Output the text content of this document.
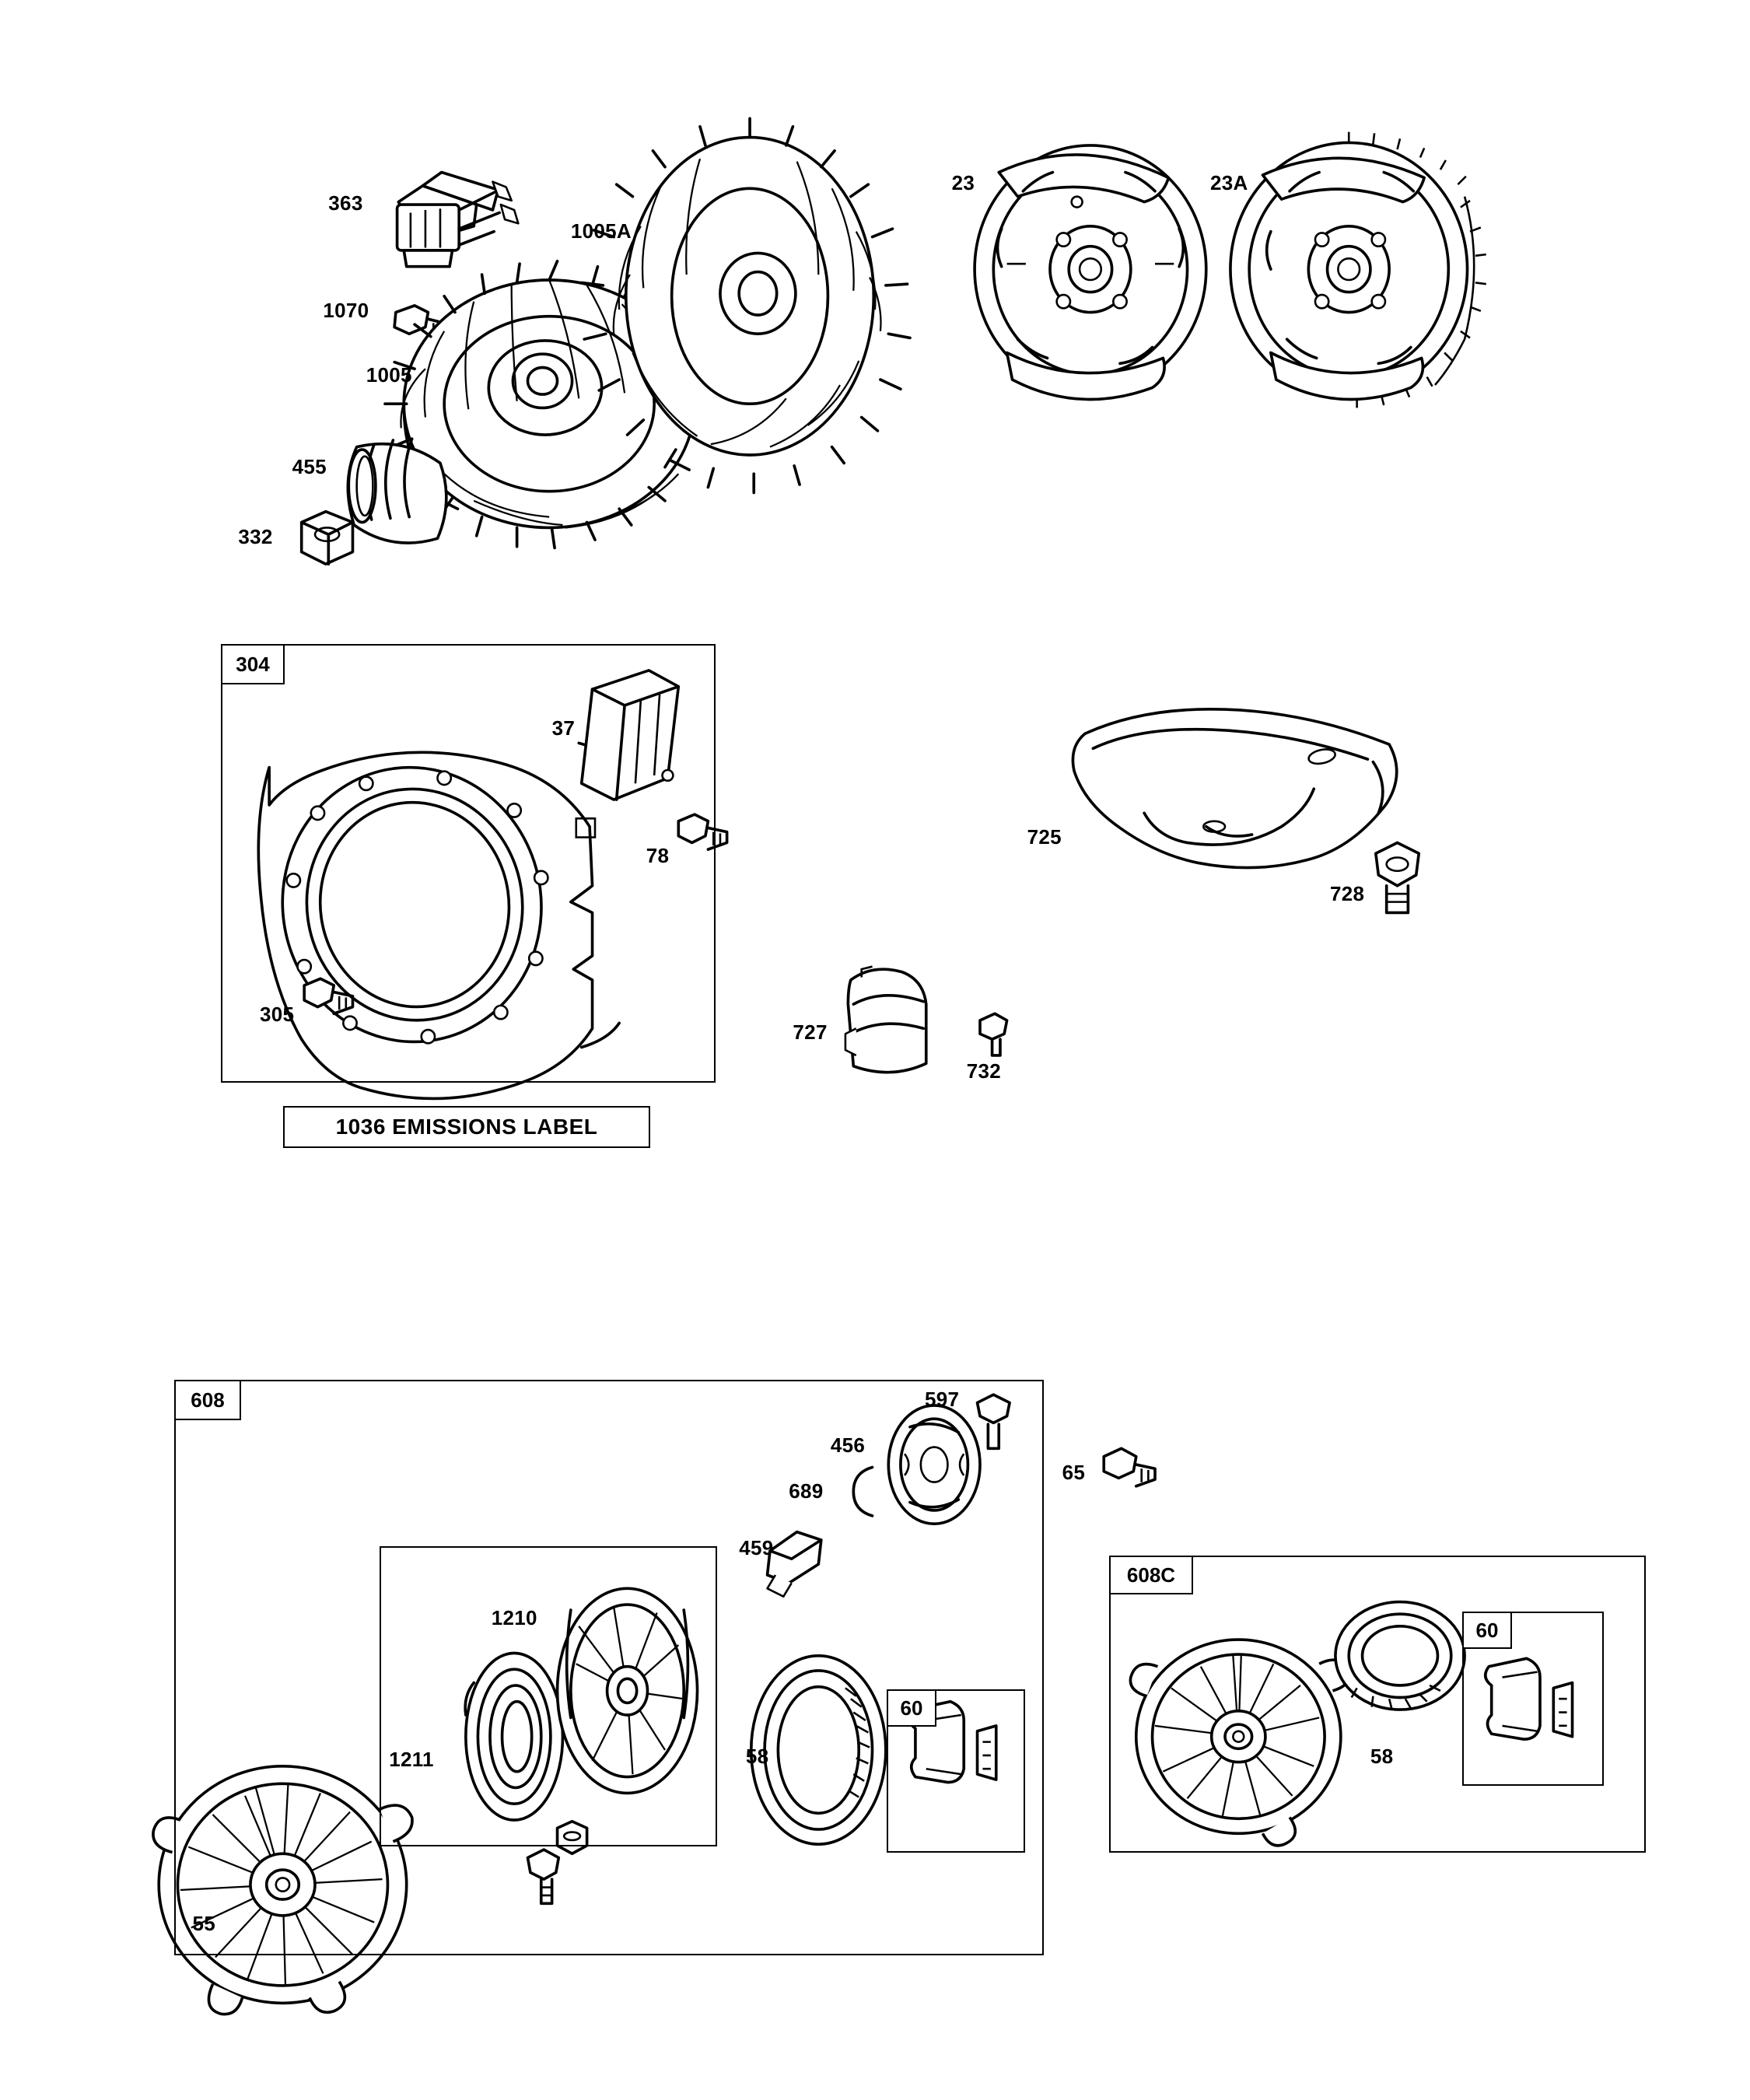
304
1036 EMISSIONS LABEL
608
60
608C
60
363
1005A
23	23A
1070
1005
455
332
37
78
305
725
728
727
732
597
456
65
689
459
1210
1211	58	58
55
